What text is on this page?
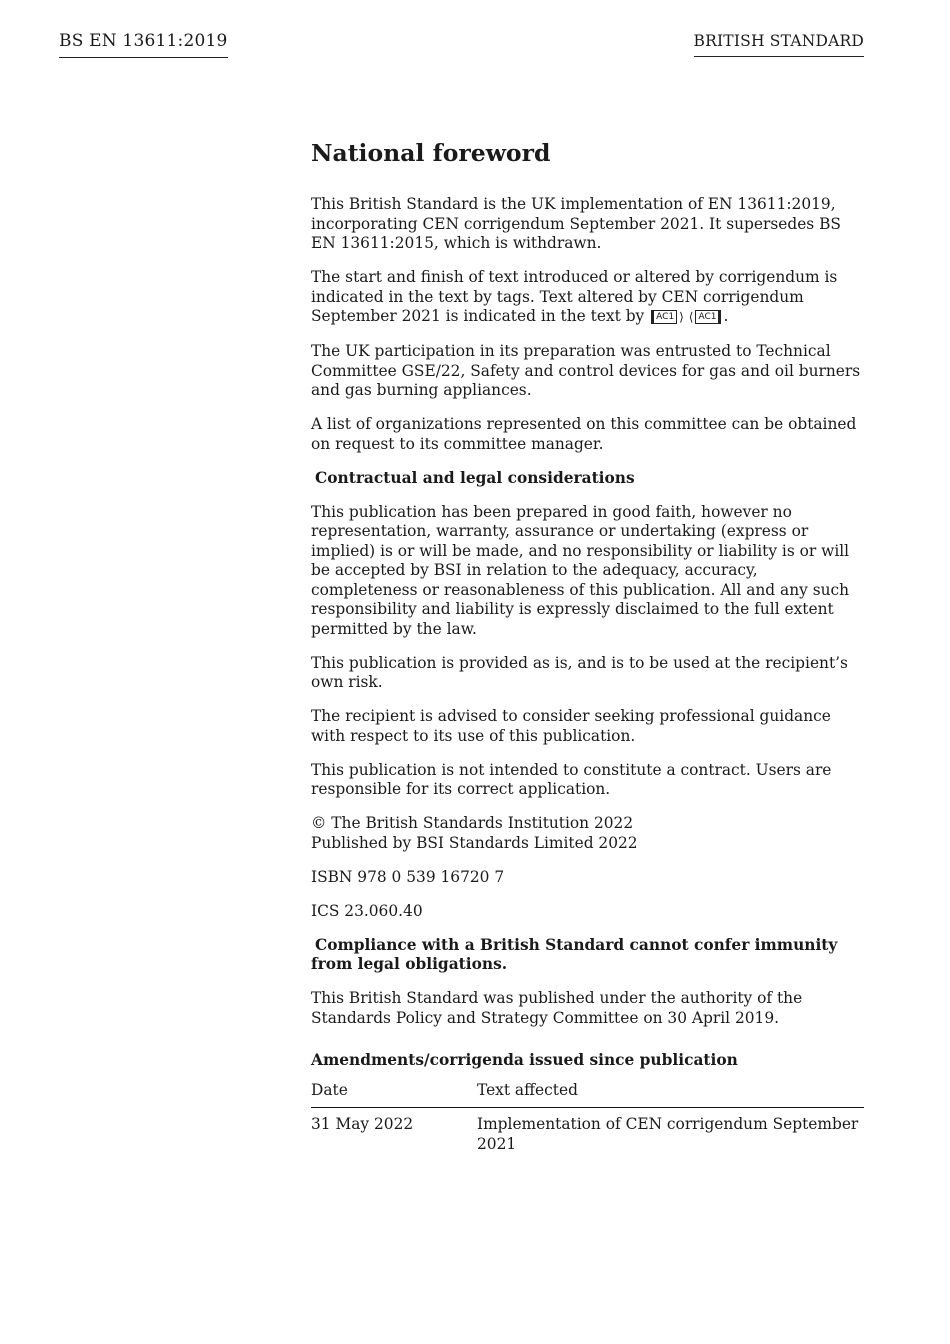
BS EN 13611:2019	BRITISH STANDARD
National foreword

This British Standard is the UK implementation of EN 13611:2019, incorporating CEN corrigendum September 2021. It supersedes BS EN 13611:2015, which is withdrawn.

The start and finish of text introduced or altered by corrigendum is indicated in the text by tags. Text altered by CEN corrigendum September 2021 is indicated in the text by AC1 ⟩ ⟨ AC1 .

The UK participation in its preparation was entrusted to Technical Committee GSE/22, Safety and control devices for gas and oil burners and gas burning appliances.

A list of organizations represented on this committee can be obtained on request to its committee manager.

Contractual and legal considerations

This publication has been prepared in good faith, however no representation, warranty, assurance or undertaking (express or implied) is or will be made, and no responsibility or liability is or will be accepted by BSI in relation to the adequacy, accuracy, completeness or reasonableness of this publication. All and any such responsibility and liability is expressly disclaimed to the full extent permitted by the law.

This publication is provided as is, and is to be used at the recipient’s own risk.

The recipient is advised to consider seeking professional guidance with respect to its use of this publication.

This publication is not intended to constitute a contract. Users are responsible for its correct application.

© The British Standards Institution 2022
Published by BSI Standards Limited 2022

ISBN 978 0 539 16720 7

ICS 23.060.40

Compliance with a British Standard cannot confer immunity from legal obligations.

This British Standard was published under the authority of the Standards Policy and Strategy Committee on 30 April 2019.

Amendments/corrigenda issued since publication
Date	Text affected
31 May 2022	Implementation of CEN corrigendum September 2021
